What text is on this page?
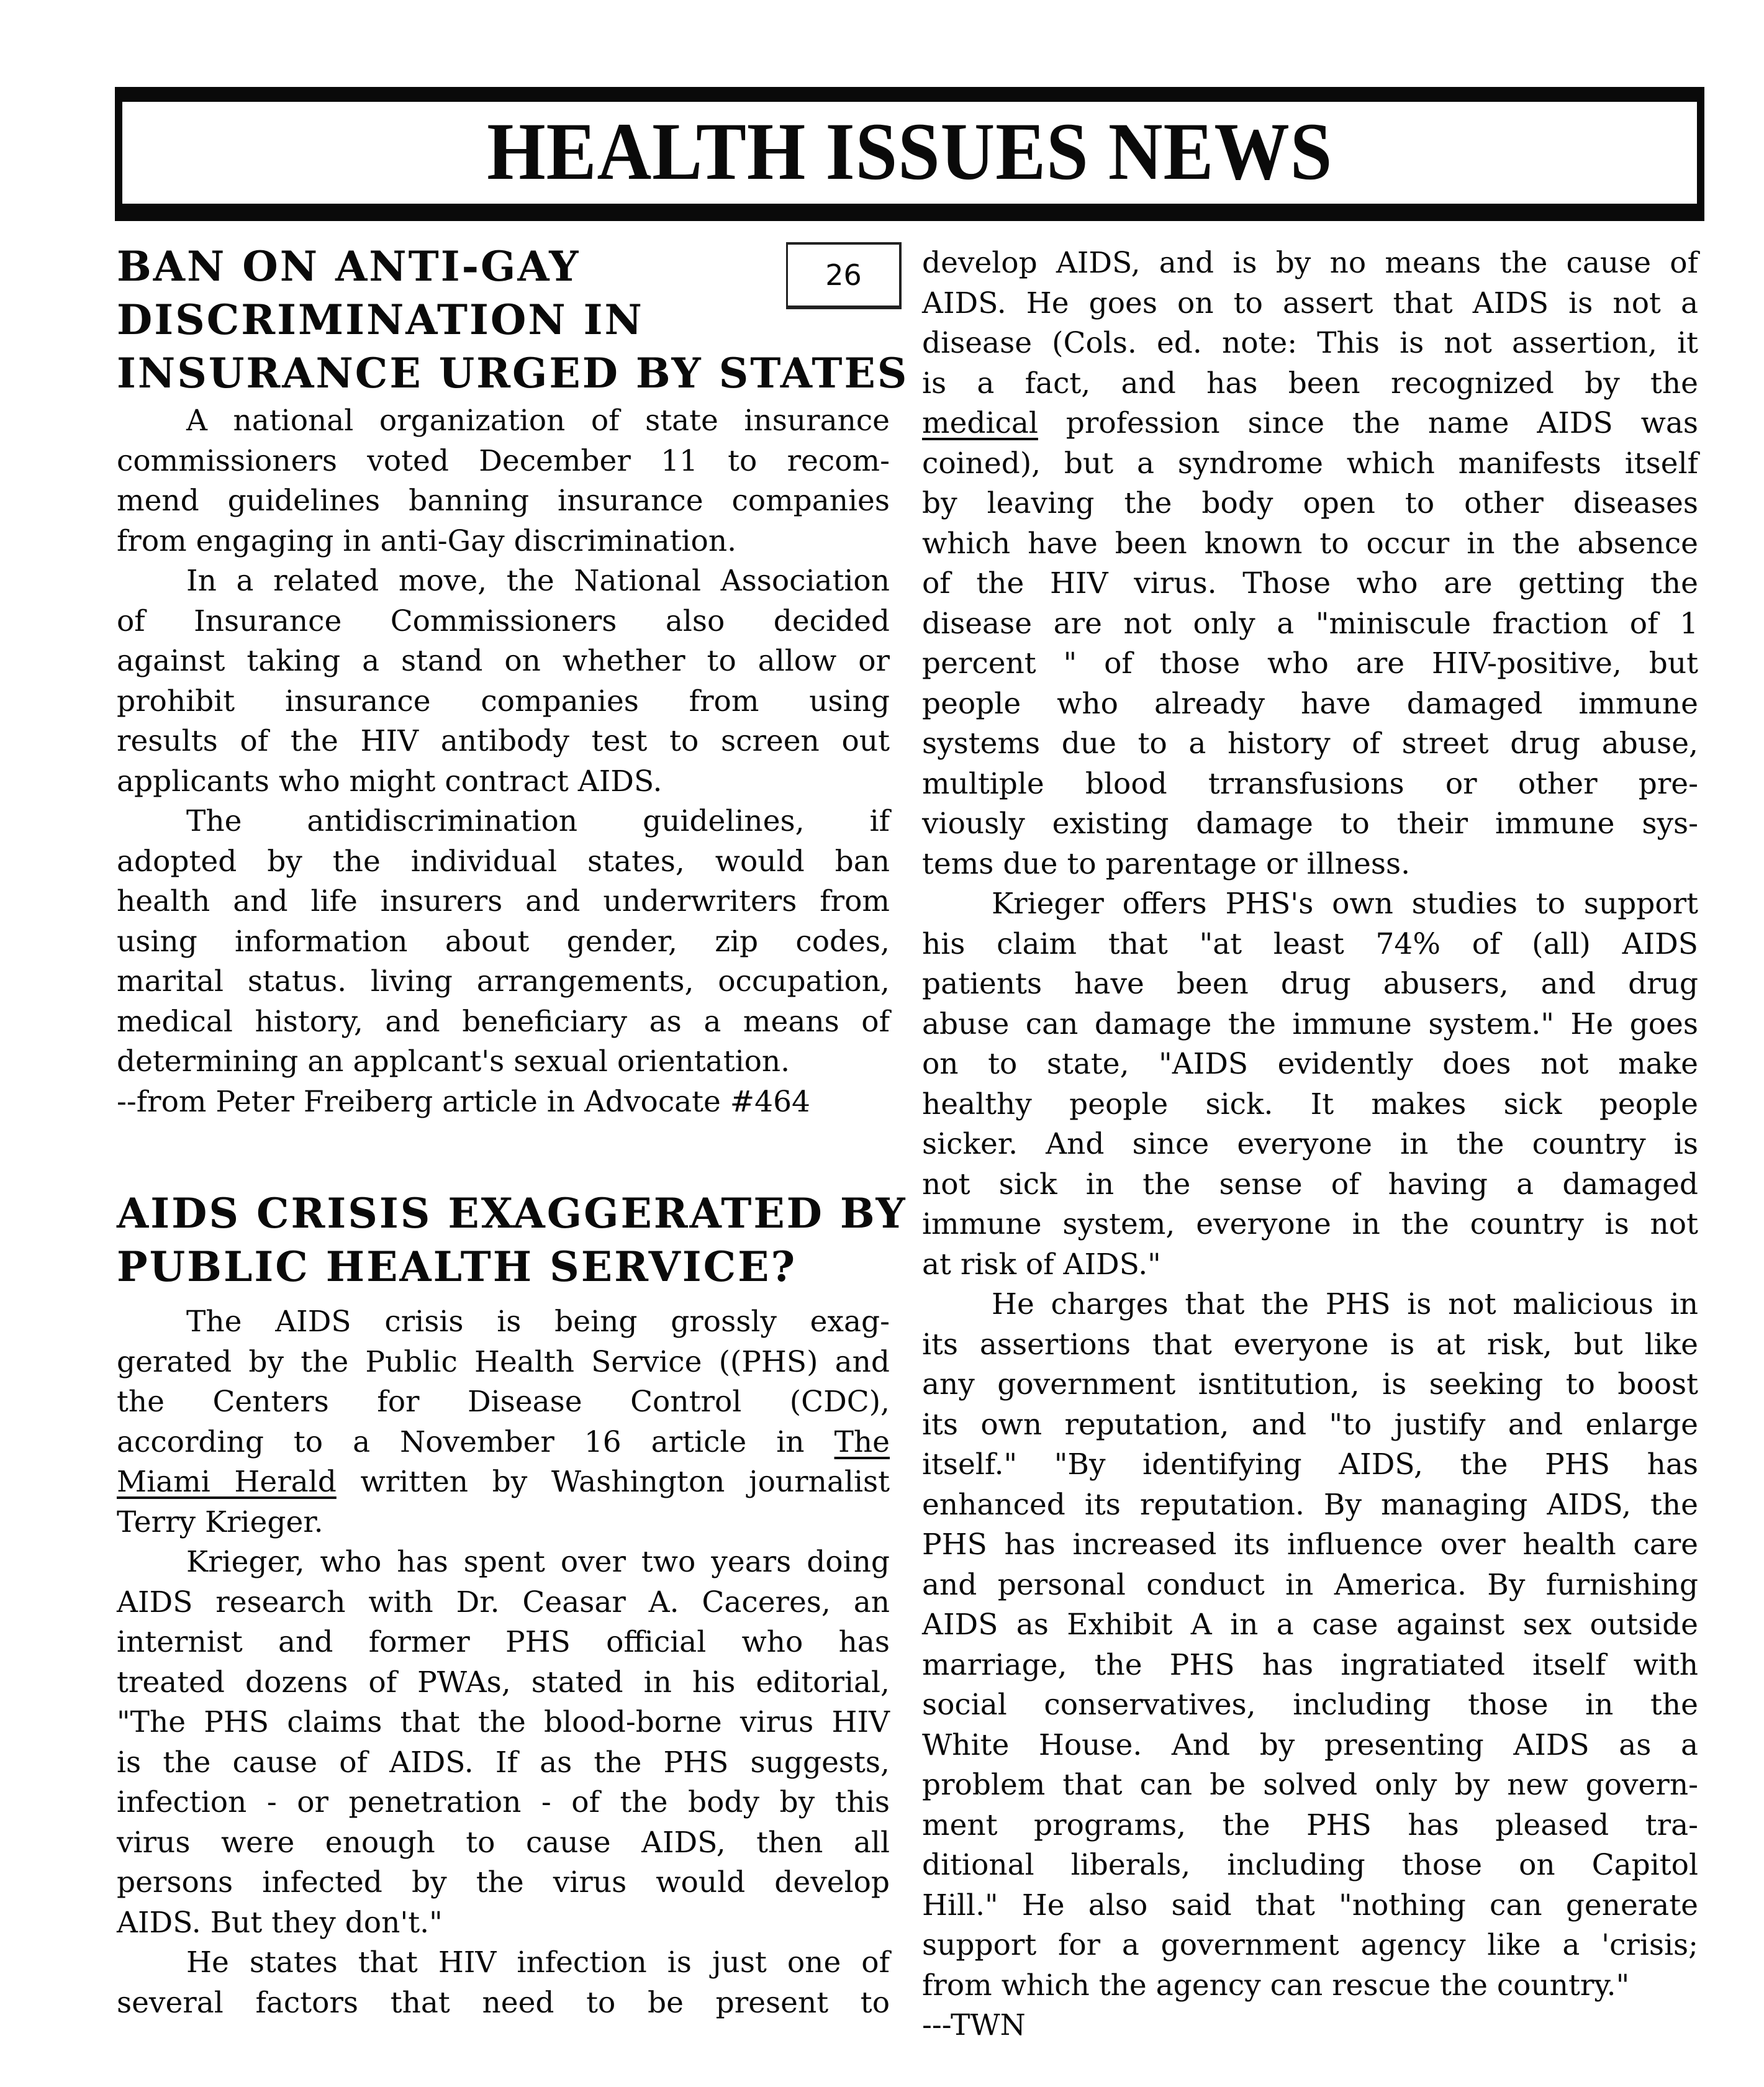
HEALTH ISSUES NEWS
26
BAN ON ANTI-GAY
DISCRIMINATION IN
INSURANCE URGED BY STATES
A national organization of state insurance
commissioners voted December 11 to recom-
mend guidelines banning insurance companies
from engaging in anti-Gay discrimination.
In a related move, the National Association
of Insurance Commissioners also decided
against taking a stand on whether to allow or
prohibit insurance companies from using
results of the HIV antibody test to screen out
applicants who might contract AIDS.
The antidiscrimination guidelines, if
adopted by the individual states, would ban
health and life insurers and underwriters from
using information about gender, zip codes,
marital status. living arrangements, occupation,
medical history, and beneficiary as a means of
determining an applcant's sexual orientation.
--from Peter Freiberg article in Advocate #464
AIDS CRISIS EXAGGERATED BY
PUBLIC HEALTH SERVICE?
The AIDS crisis is being grossly exag-
gerated by the Public Health Service ((PHS) and
the Centers for Disease Control (CDC),
according to a November 16 article in The
Miami Herald written by Washington journalist
Terry Krieger.
Krieger, who has spent over two years doing
AIDS research with Dr. Ceasar A. Caceres, an
internist and former PHS official who has
treated dozens of PWAs, stated in his editorial,
"The PHS claims that the blood-borne virus HIV
is the cause of AIDS. If as the PHS suggests,
infection - or penetration - of the body by this
virus were enough to cause AIDS, then all
persons infected by the virus would develop
AIDS. But they don't."
He states that HIV infection is just one of
several factors that need to be present to
develop AIDS, and is by no means the cause of
AIDS. He goes on to assert that AIDS is not a
disease (Cols. ed. note: This is not assertion, it
is a fact, and has been recognized by the
medical profession since the name AIDS was
coined), but a syndrome which manifests itself
by leaving the body open to other diseases
which have been known to occur in the absence
of the HIV virus. Those who are getting the
disease are not only a "miniscule fraction of 1
percent " of those who are HIV-positive, but
people who already have damaged immune
systems due to a history of street drug abuse,
multiple blood trransfusions or other pre-
viously existing damage to their immune sys-
tems due to parentage or illness.
Krieger offers PHS's own studies to support
his claim that "at least 74% of (all) AIDS
patients have been drug abusers, and drug
abuse can damage the immune system." He goes
on to state, "AIDS evidently does not make
healthy people sick. It makes sick people
sicker. And since everyone in the country is
not sick in the sense of having a damaged
immune system, everyone in the country is not
at risk of AIDS."
He charges that the PHS is not malicious in
its assertions that everyone is at risk, but like
any government isntitution, is seeking to boost
its own reputation, and "to justify and enlarge
itself." "By identifying AIDS, the PHS has
enhanced its reputation. By managing AIDS, the
PHS has increased its influence over health care
and personal conduct in America. By furnishing
AIDS as Exhibit A in a case against sex outside
marriage, the PHS has ingratiated itself with
social conservatives, including those in the
White House. And by presenting AIDS as a
problem that can be solved only by new govern-
ment programs, the PHS has pleased tra-
ditional liberals, including those on Capitol
Hill." He also said that "nothing can generate
support for a government agency like a 'crisis;
from which the agency can rescue the country."
---TWN
